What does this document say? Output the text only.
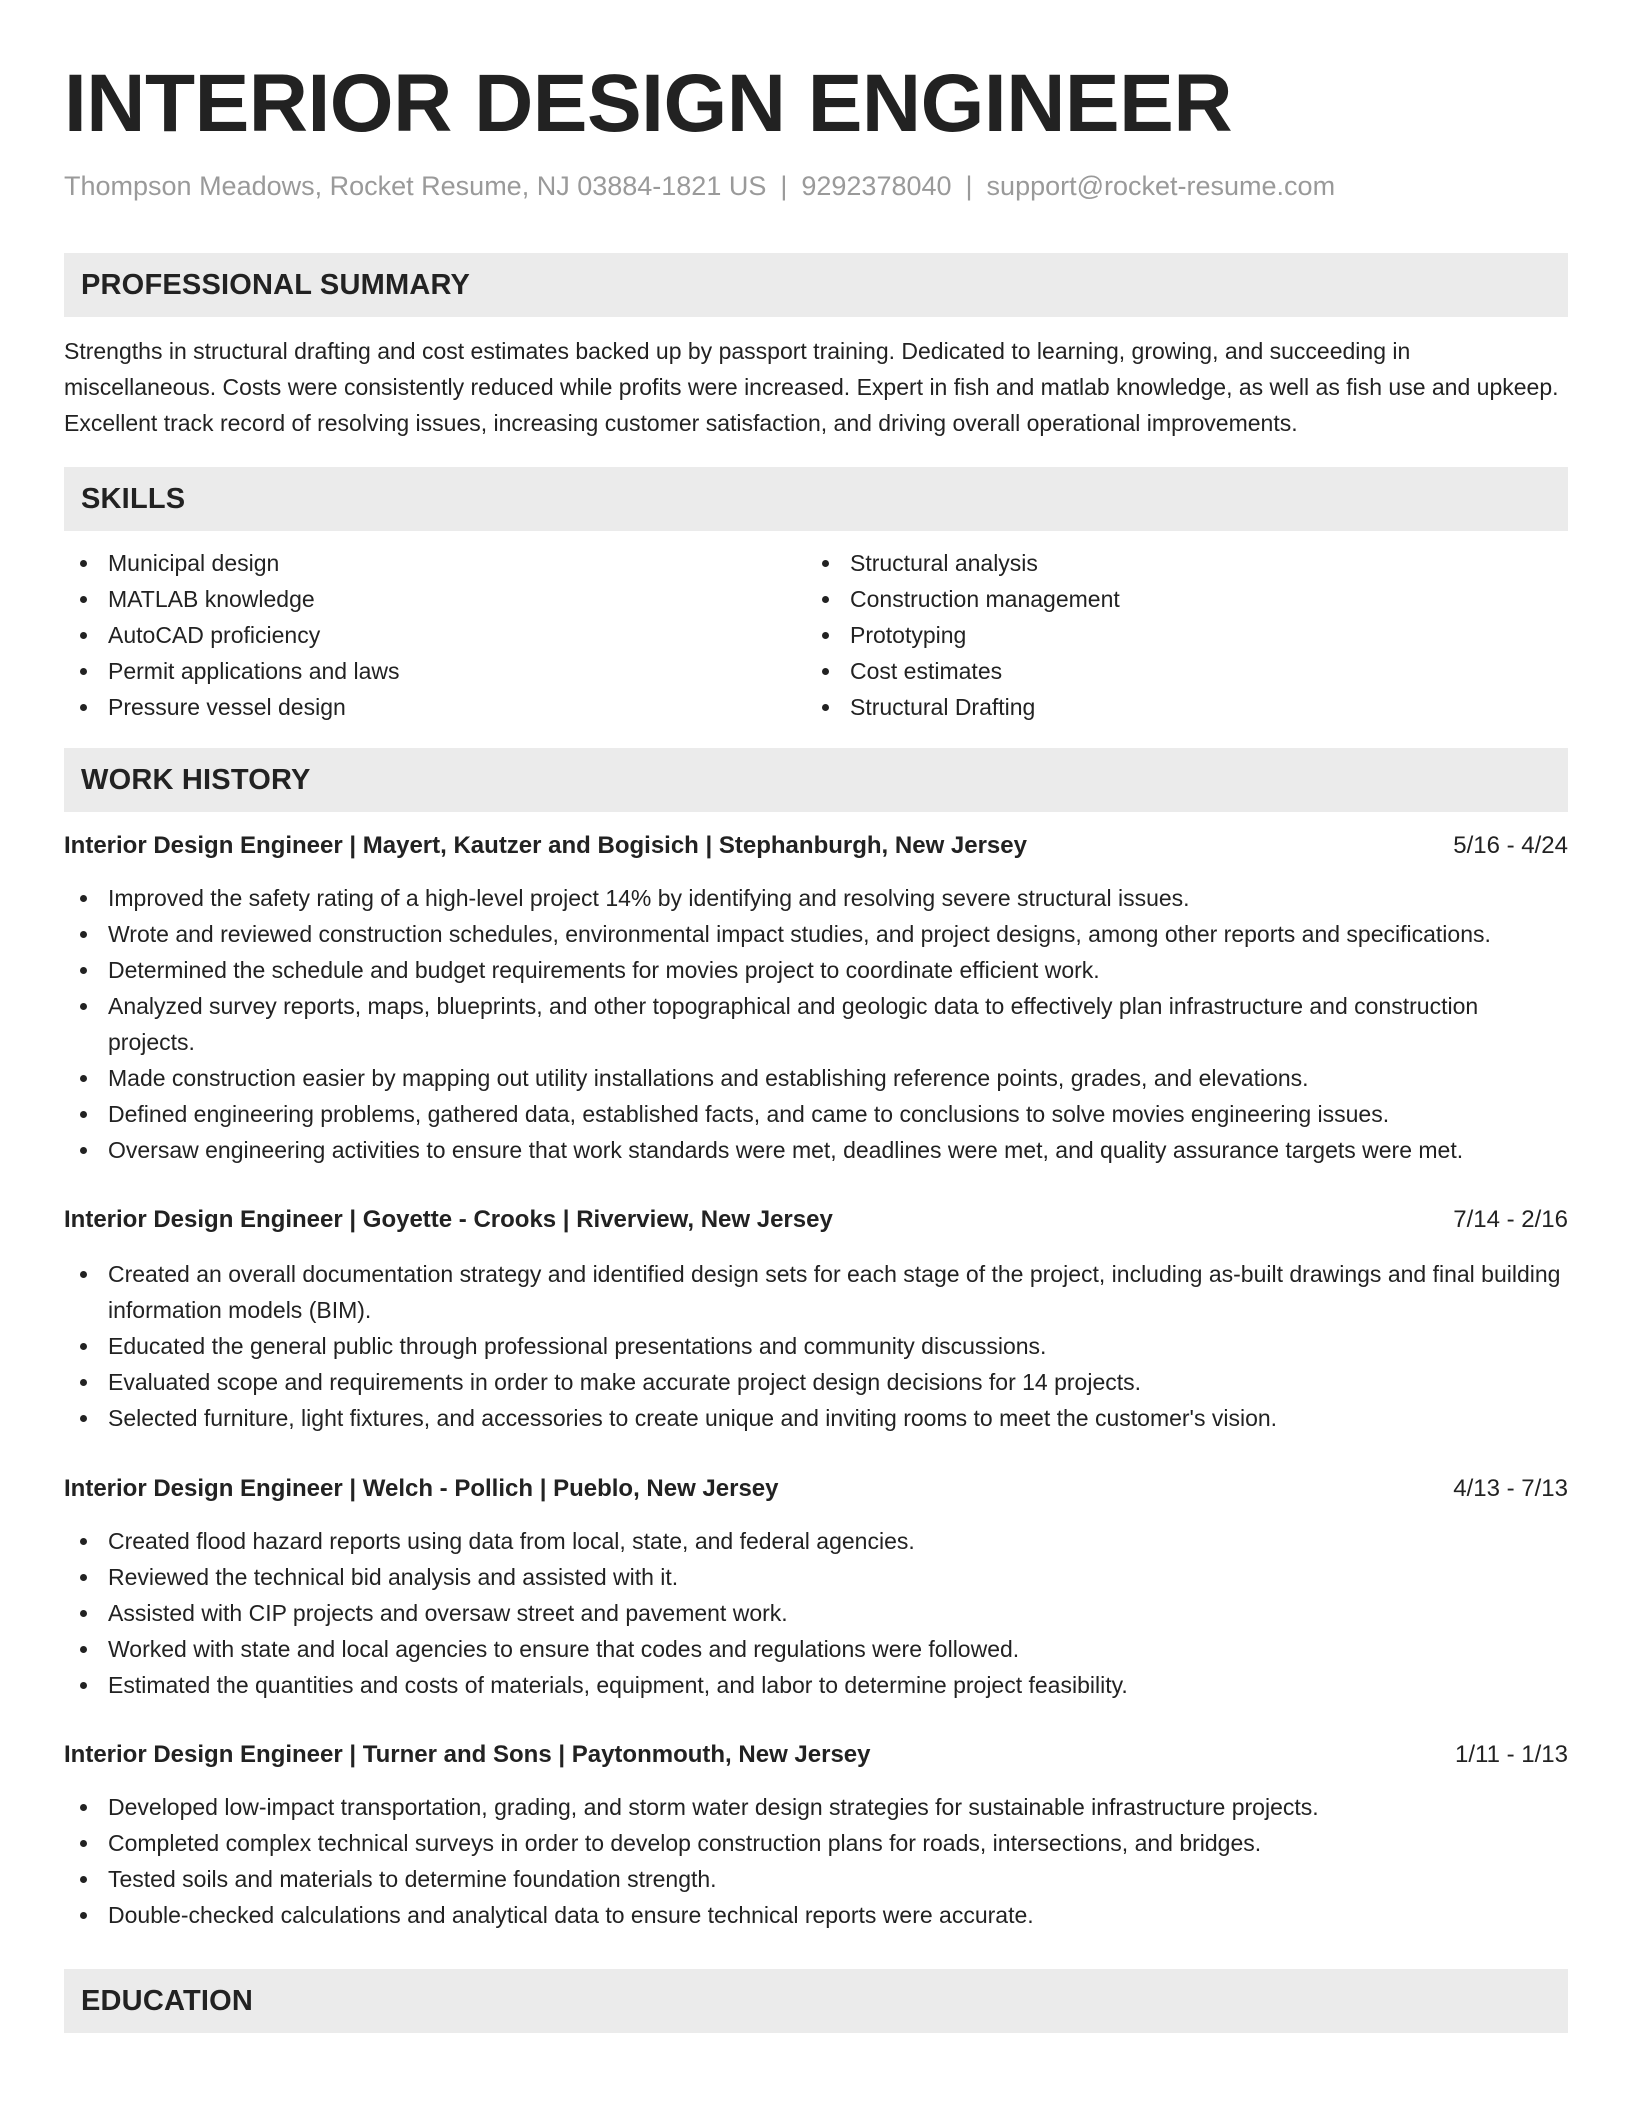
INTERIOR DESIGN ENGINEER
Thompson Meadows, Rocket Resume, NJ 03884-1821 US | 9292378040 | support@rocket-resume.com
PROFESSIONAL SUMMARY

Strengths in structural drafting and cost estimates backed up by passport training. Dedicated to learning, growing, and succeeding in miscellaneous. Costs were consistently reduced while profits were increased. Expert in fish and matlab knowledge, as well as fish use and upkeep. Excellent track record of resolving issues, increasing customer satisfaction, and driving overall operational improvements.

SKILLS
Municipal design
MATLAB knowledge
AutoCAD proficiency
Permit applications and laws
Pressure vessel design
Structural analysis
Construction management
Prototyping
Cost estimates
Structural Drafting
WORK HISTORY
Interior Design Engineer | Mayert, Kautzer and Bogisich | Stephanburgh, New Jersey	5/16 - 4/24
Improved the safety rating of a high-level project 14% by identifying and resolving severe structural issues.
Wrote and reviewed construction schedules, environmental impact studies, and project designs, among other reports and specifications.
Determined the schedule and budget requirements for movies project to coordinate efficient work.
Analyzed survey reports, maps, blueprints, and other topographical and geologic data to effectively plan infrastructure and construction projects.
Made construction easier by mapping out utility installations and establishing reference points, grades, and elevations.
Defined engineering problems, gathered data, established facts, and came to conclusions to solve movies engineering issues.
Oversaw engineering activities to ensure that work standards were met, deadlines were met, and quality assurance targets were met.
Interior Design Engineer | Goyette - Crooks | Riverview, New Jersey	7/14 - 2/16
Created an overall documentation strategy and identified design sets for each stage of the project, including as-built drawings and final building information models (BIM).
Educated the general public through professional presentations and community discussions.
Evaluated scope and requirements in order to make accurate project design decisions for 14 projects.
Selected furniture, light fixtures, and accessories to create unique and inviting rooms to meet the customer's vision.
Interior Design Engineer | Welch - Pollich | Pueblo, New Jersey	4/13 - 7/13
Created flood hazard reports using data from local, state, and federal agencies.
Reviewed the technical bid analysis and assisted with it.
Assisted with CIP projects and oversaw street and pavement work.
Worked with state and local agencies to ensure that codes and regulations were followed.
Estimated the quantities and costs of materials, equipment, and labor to determine project feasibility.
Interior Design Engineer | Turner and Sons | Paytonmouth, New Jersey	1/11 - 1/13
Developed low-impact transportation, grading, and storm water design strategies for sustainable infrastructure projects.
Completed complex technical surveys in order to develop construction plans for roads, intersections, and bridges.
Tested soils and materials to determine foundation strength.
Double-checked calculations and analytical data to ensure technical reports were accurate.
EDUCATION
